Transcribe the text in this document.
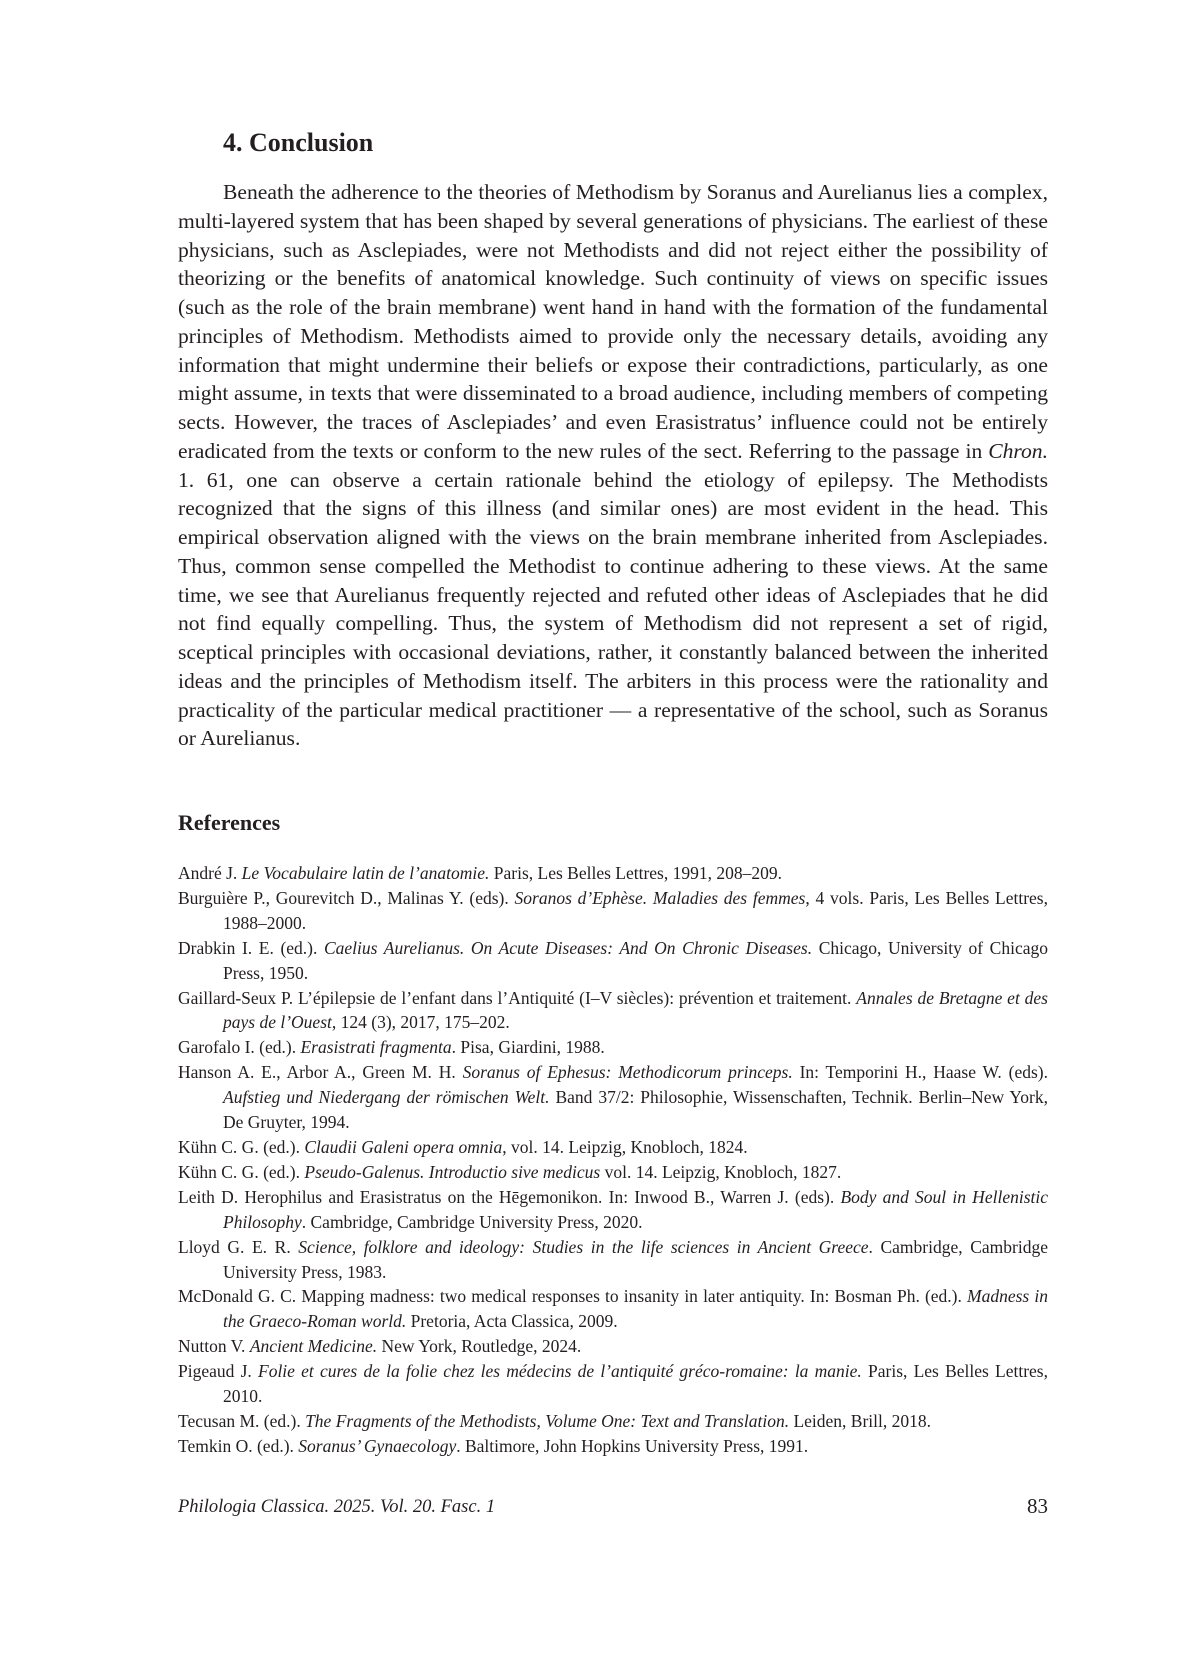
4. Conclusion

Beneath the adherence to the theories of Methodism by Soranus and Aurelianus lies a complex, multi-layered system that has been shaped by several generations of physicians. The earliest of these physicians, such as Asclepiades, were not Methodists and did not reject either the possibility of theorizing or the benefits of anatomical knowledge. Such continuity of views on specific issues (such as the role of the brain membrane) went hand in hand with the formation of the fundamental principles of Methodism. Methodists aimed to provide only the necessary details, avoiding any information that might undermine their beliefs or expose their contradictions, particularly, as one might assume, in texts that were disseminated to a broad audience, including members of competing sects. However, the traces of Asclepiades’ and even Erasistratus’ influence could not be entirely eradicated from the texts or conform to the new rules of the sect. Referring to the passage in Chron. 1. 61, one can observe a certain rationale behind the etiology of epilepsy. The Methodists recognized that the signs of this illness (and similar ones) are most evident in the head. This empirical observation aligned with the views on the brain membrane inherited from Asclepiades. Thus, common sense compelled the Methodist to continue adhering to these views. At the same time, we see that Aurelianus frequently rejected and refuted other ideas of Asclepiades that he did not find equally compelling. Thus, the system of Methodism did not represent a set of rigid, sceptical principles with occasional deviations, rather, it constantly balanced between the inherited ideas and the principles of Methodism itself. The arbiters in this process were the rationality and practicality of the particular medical practitioner — a representative of the school, such as Soranus or Aurelianus.

References
André J. Le Vocabulaire latin de l’anatomie. Paris, Les Belles Lettres, 1991, 208–209.
Burguière P., Gourevitch D., Malinas Y. (eds). Soranos d’Ephèse. Maladies des femmes, 4 vols. Paris, Les Belles Lettres, 1988–2000.
Drabkin I. E. (ed.). Caelius Aurelianus. On Acute Diseases: And On Chronic Diseases. Chicago, University of Chicago Press, 1950.
Gaillard-Seux P. L’épilepsie de l’enfant dans l’Antiquité (I–V siècles): prévention et traitement. Annales de Bretagne et des pays de l’Ouest, 124 (3), 2017, 175–202.
Garofalo I. (ed.). Erasistrati fragmenta. Pisa, Giardini, 1988.
Hanson A. E., Arbor A., Green M. H. Soranus of Ephesus: Methodicorum princeps. In: Temporini H., Haase W. (eds). Aufstieg und Niedergang der römischen Welt. Band 37/2: Philosophie, Wissenschaften, Technik. Berlin–New York, De Gruyter, 1994.
Kühn C. G. (ed.). Claudii Galeni opera omnia, vol. 14. Leipzig, Knobloch, 1824.
Kühn C. G. (ed.). Pseudo-Galenus. Introductio sive medicus vol. 14. Leipzig, Knobloch, 1827.
Leith D. Herophilus and Erasistratus on the Hēgemonikon. In: Inwood B., Warren J. (eds). Body and Soul in Hellenistic Philosophy. Cambridge, Cambridge University Press, 2020.
Lloyd G. E. R. Science, folklore and ideology: Studies in the life sciences in Ancient Greece. Cambridge, Cambridge University Press, 1983.
McDonald G. C. Mapping madness: two medical responses to insanity in later antiquity. In: Bosman Ph. (ed.). Madness in the Graeco-Roman world. Pretoria, Acta Classica, 2009.
Nutton V. Ancient Medicine. New York, Routledge, 2024.
Pigeaud J. Folie et cures de la folie chez les médecins de l’antiquité gréco-romaine: la manie. Paris, Les Belles Lettres, 2010.
Tecusan M. (ed.). The Fragments of the Methodists, Volume One: Text and Translation. Leiden, Brill, 2018.
Temkin O. (ed.). Soranus’ Gynaecology. Baltimore, John Hopkins University Press, 1991.

Philologia Classica. 2025. Vol. 20. Fasc. 1	83
